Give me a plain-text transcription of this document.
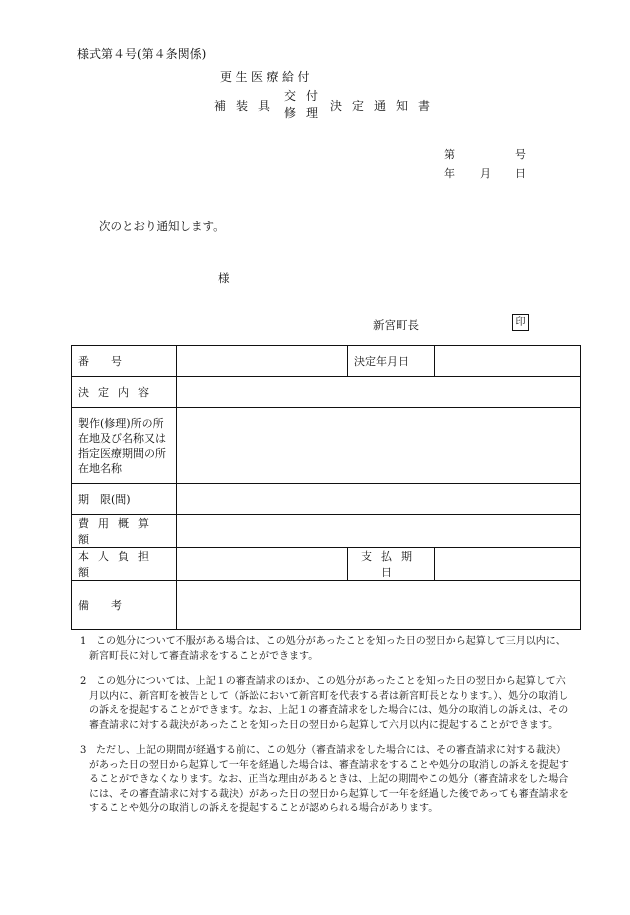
様式第４号(第４条関係)
更生医療給付
補装具
交付
修理 決定通知書
第	号
年 月 日
次のとおり通知します。
様
新宮町長	印
番　　号		決定年月日	
決定内容			
製作(修理)所の所在地及び名称又は指定医療期間の所在地名称			
期　限(間)			
費用概算額			
本人負担額		支払期日	
備　　考			
1 この処分について不服がある場合は、この処分があったことを知った日の翌日から起算して三月以内に、新宮町長に対して審査請求をすることができます。
2 この処分については、上記１の審査請求のほか、この処分があったことを知った日の翌日から起算して六月以内に、新宮町を被告として（訴訟において新宮町を代表する者は新宮町長となります。）、処分の取消しの訴えを提起することができます。なお、上記１の審査請求をした場合には、処分の取消しの訴えは、その審査請求に対する裁決があったことを知った日の翌日から起算して六月以内に提起することができます。
3 ただし、上記の期間が経過する前に、この処分（審査請求をした場合には、その審査請求に対する裁決）があった日の翌日から起算して一年を経過した場合は、審査請求をすることや処分の取消しの訴えを提起することができなくなります。なお、正当な理由があるときは、上記の期間やこの処分（審査請求をした場合には、その審査請求に対する裁決）があった日の翌日から起算して一年を経過した後であっても審査請求をすることや処分の取消しの訴えを提起することが認められる場合があります。
